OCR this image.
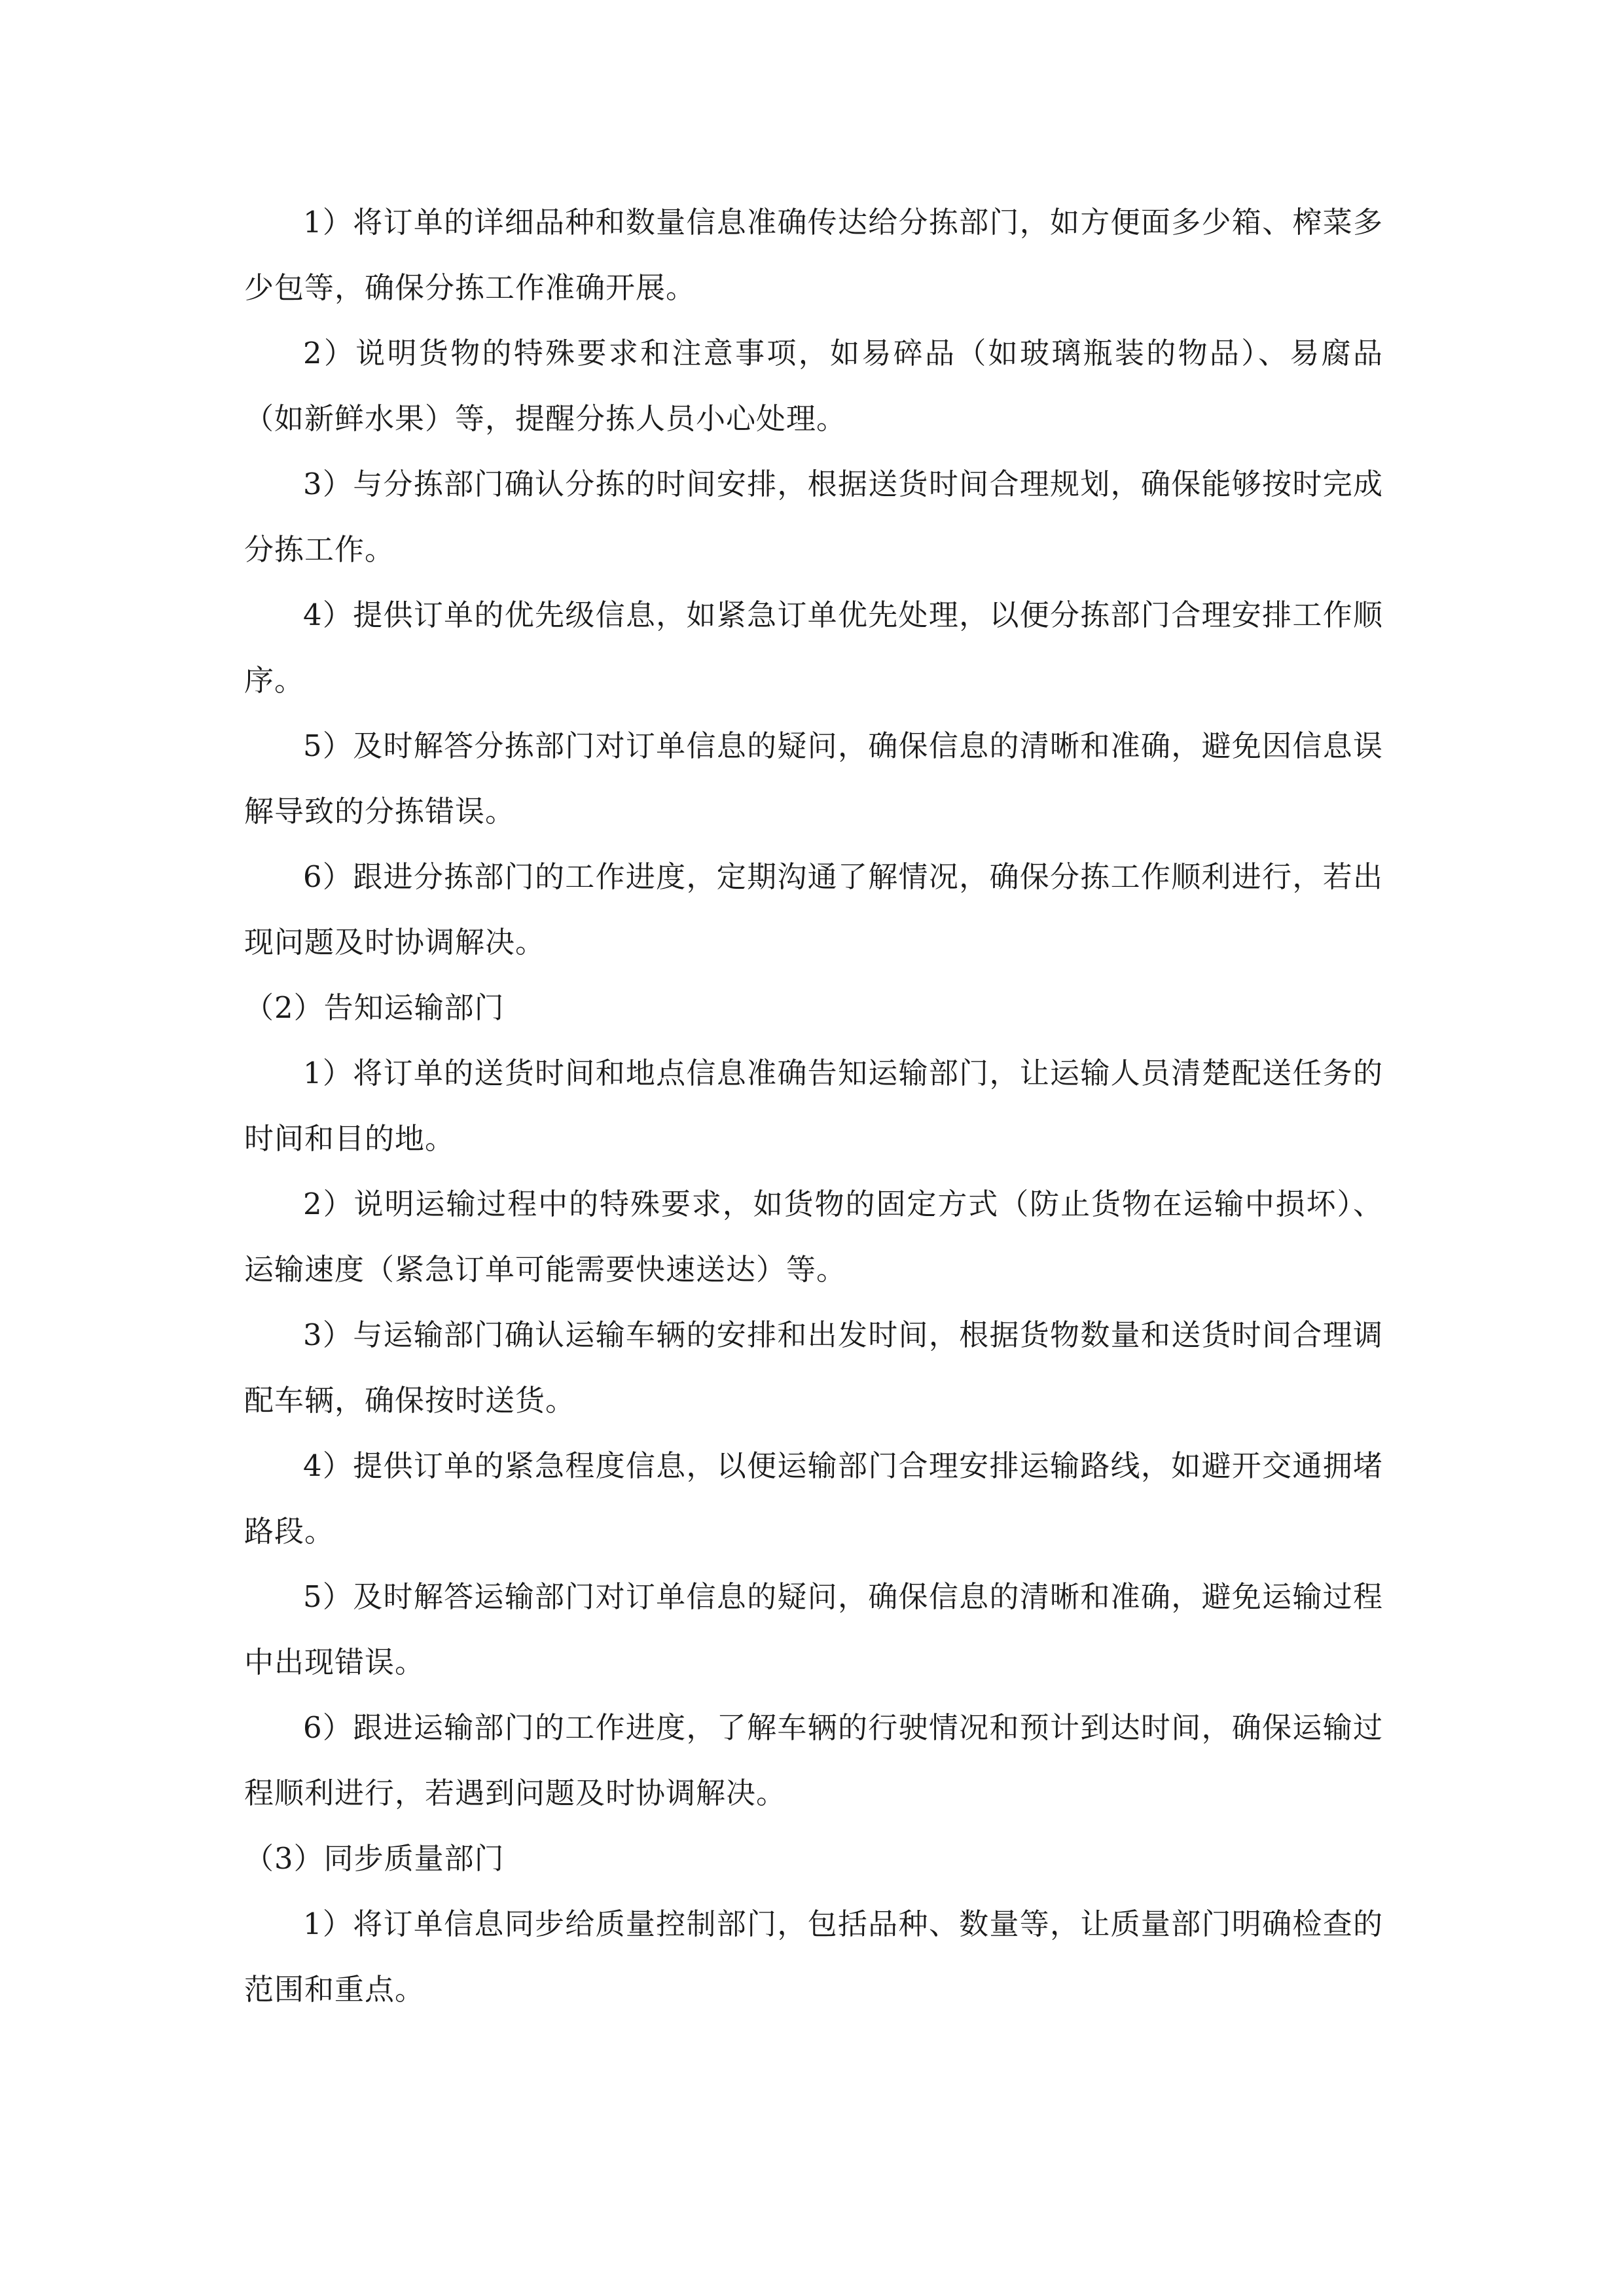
1）将订单的详细品种和数量信息准确传达给分拣部门，如方便面多少箱、榨菜多少包等，确保分拣工作准确开展。

2）说明货物的特殊要求和注意事项，如易碎品（如玻璃瓶装的物品）、易腐品（如新鲜水果）等，提醒分拣人员小心处理。

3）与分拣部门确认分拣的时间安排，根据送货时间合理规划，确保能够按时完成分拣工作。

4）提供订单的优先级信息，如紧急订单优先处理，以便分拣部门合理安排工作顺序。

5）及时解答分拣部门对订单信息的疑问，确保信息的清晰和准确，避免因信息误解导致的分拣错误。

6）跟进分拣部门的工作进度，定期沟通了解情况，确保分拣工作顺利进行，若出现问题及时协调解决。

（2）告知运输部门

1）将订单的送货时间和地点信息准确告知运输部门，让运输人员清楚配送任务的时间和目的地。

2）说明运输过程中的特殊要求，如货物的固定方式（防止货物在运输中损坏）、运输速度（紧急订单可能需要快速送达）等。

3）与运输部门确认运输车辆的安排和出发时间，根据货物数量和送货时间合理调配车辆，确保按时送货。

4）提供订单的紧急程度信息，以便运输部门合理安排运输路线，如避开交通拥堵路段。

5）及时解答运输部门对订单信息的疑问，确保信息的清晰和准确，避免运输过程中出现错误。

6）跟进运输部门的工作进度，了解车辆的行驶情况和预计到达时间，确保运输过程顺利进行，若遇到问题及时协调解决。

（3）同步质量部门

1）将订单信息同步给质量控制部门，包括品种、数量等，让质量部门明确检查的范围和重点。
